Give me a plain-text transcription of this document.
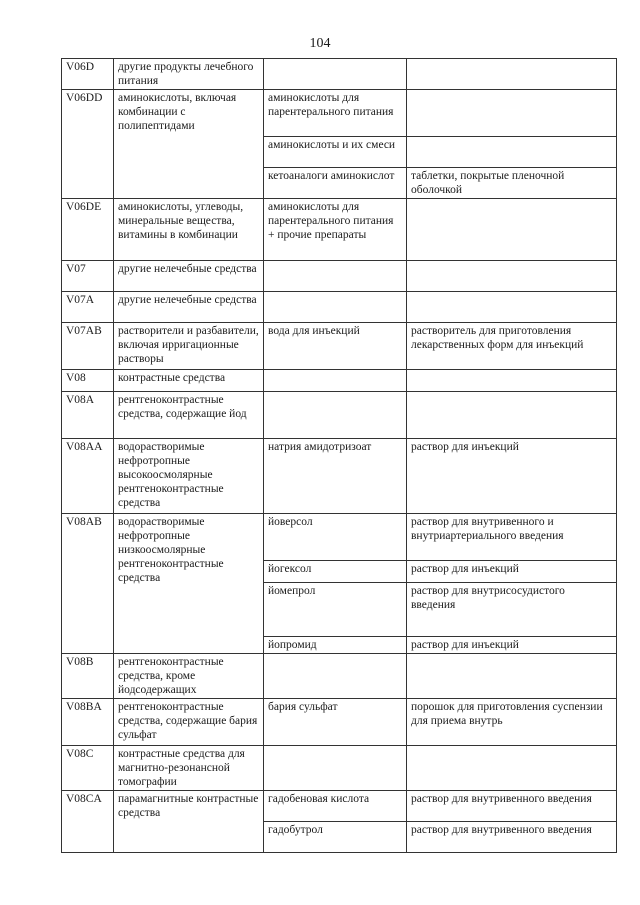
104
V06D	другие продукты лечебного питания		
V06DD	аминокислоты, включая комбинации с полипептидами	аминокислоты для парентерального питания	
		аминокислоты и их смеси	
		кетоаналоги аминокислот	таблетки, покрытые пленочной оболочкой
V06DE	аминокислоты, углеводы, минеральные вещества, витамины в комбинации	аминокислоты для парентерального питания + прочие препараты	
V07	другие нелечебные средства		
V07A	другие нелечебные средства		
V07AB	растворители и разбавители, включая ирригационные растворы	вода для инъекций	растворитель для приготовления лекарственных форм для инъекций
V08	контрастные средства		
V08A	рентгеноконтрастные средства, содержащие йод		
V08AA	водорастворимые нефротропные высокоосмолярные рентгеноконтрастные средства	натрия амидотризоат	раствор для инъекций
V08AB	водорастворимые нефротропные низкоосмолярные рентгеноконтрастные средства	йоверсол	раствор для внутривенного и внутриартериального введения
		йогексол	раствор для инъекций
		йомепрол	раствор для внутрисосудистого введения
		йопромид	раствор для инъекций
V08B	рентгеноконтрастные средства, кроме йодсодержащих		
V08BA	рентгеноконтрастные средства, содержащие бария сульфат	бария сульфат	порошок для приготовления суспензии для приема внутрь
V08C	контрастные средства для магнитно-резонансной томографии		
V08CA	парамагнитные контрастные средства	гадобеновая кислота	раствор для внутривенного введения
		гадобутрол	раствор для внутривенного введения
